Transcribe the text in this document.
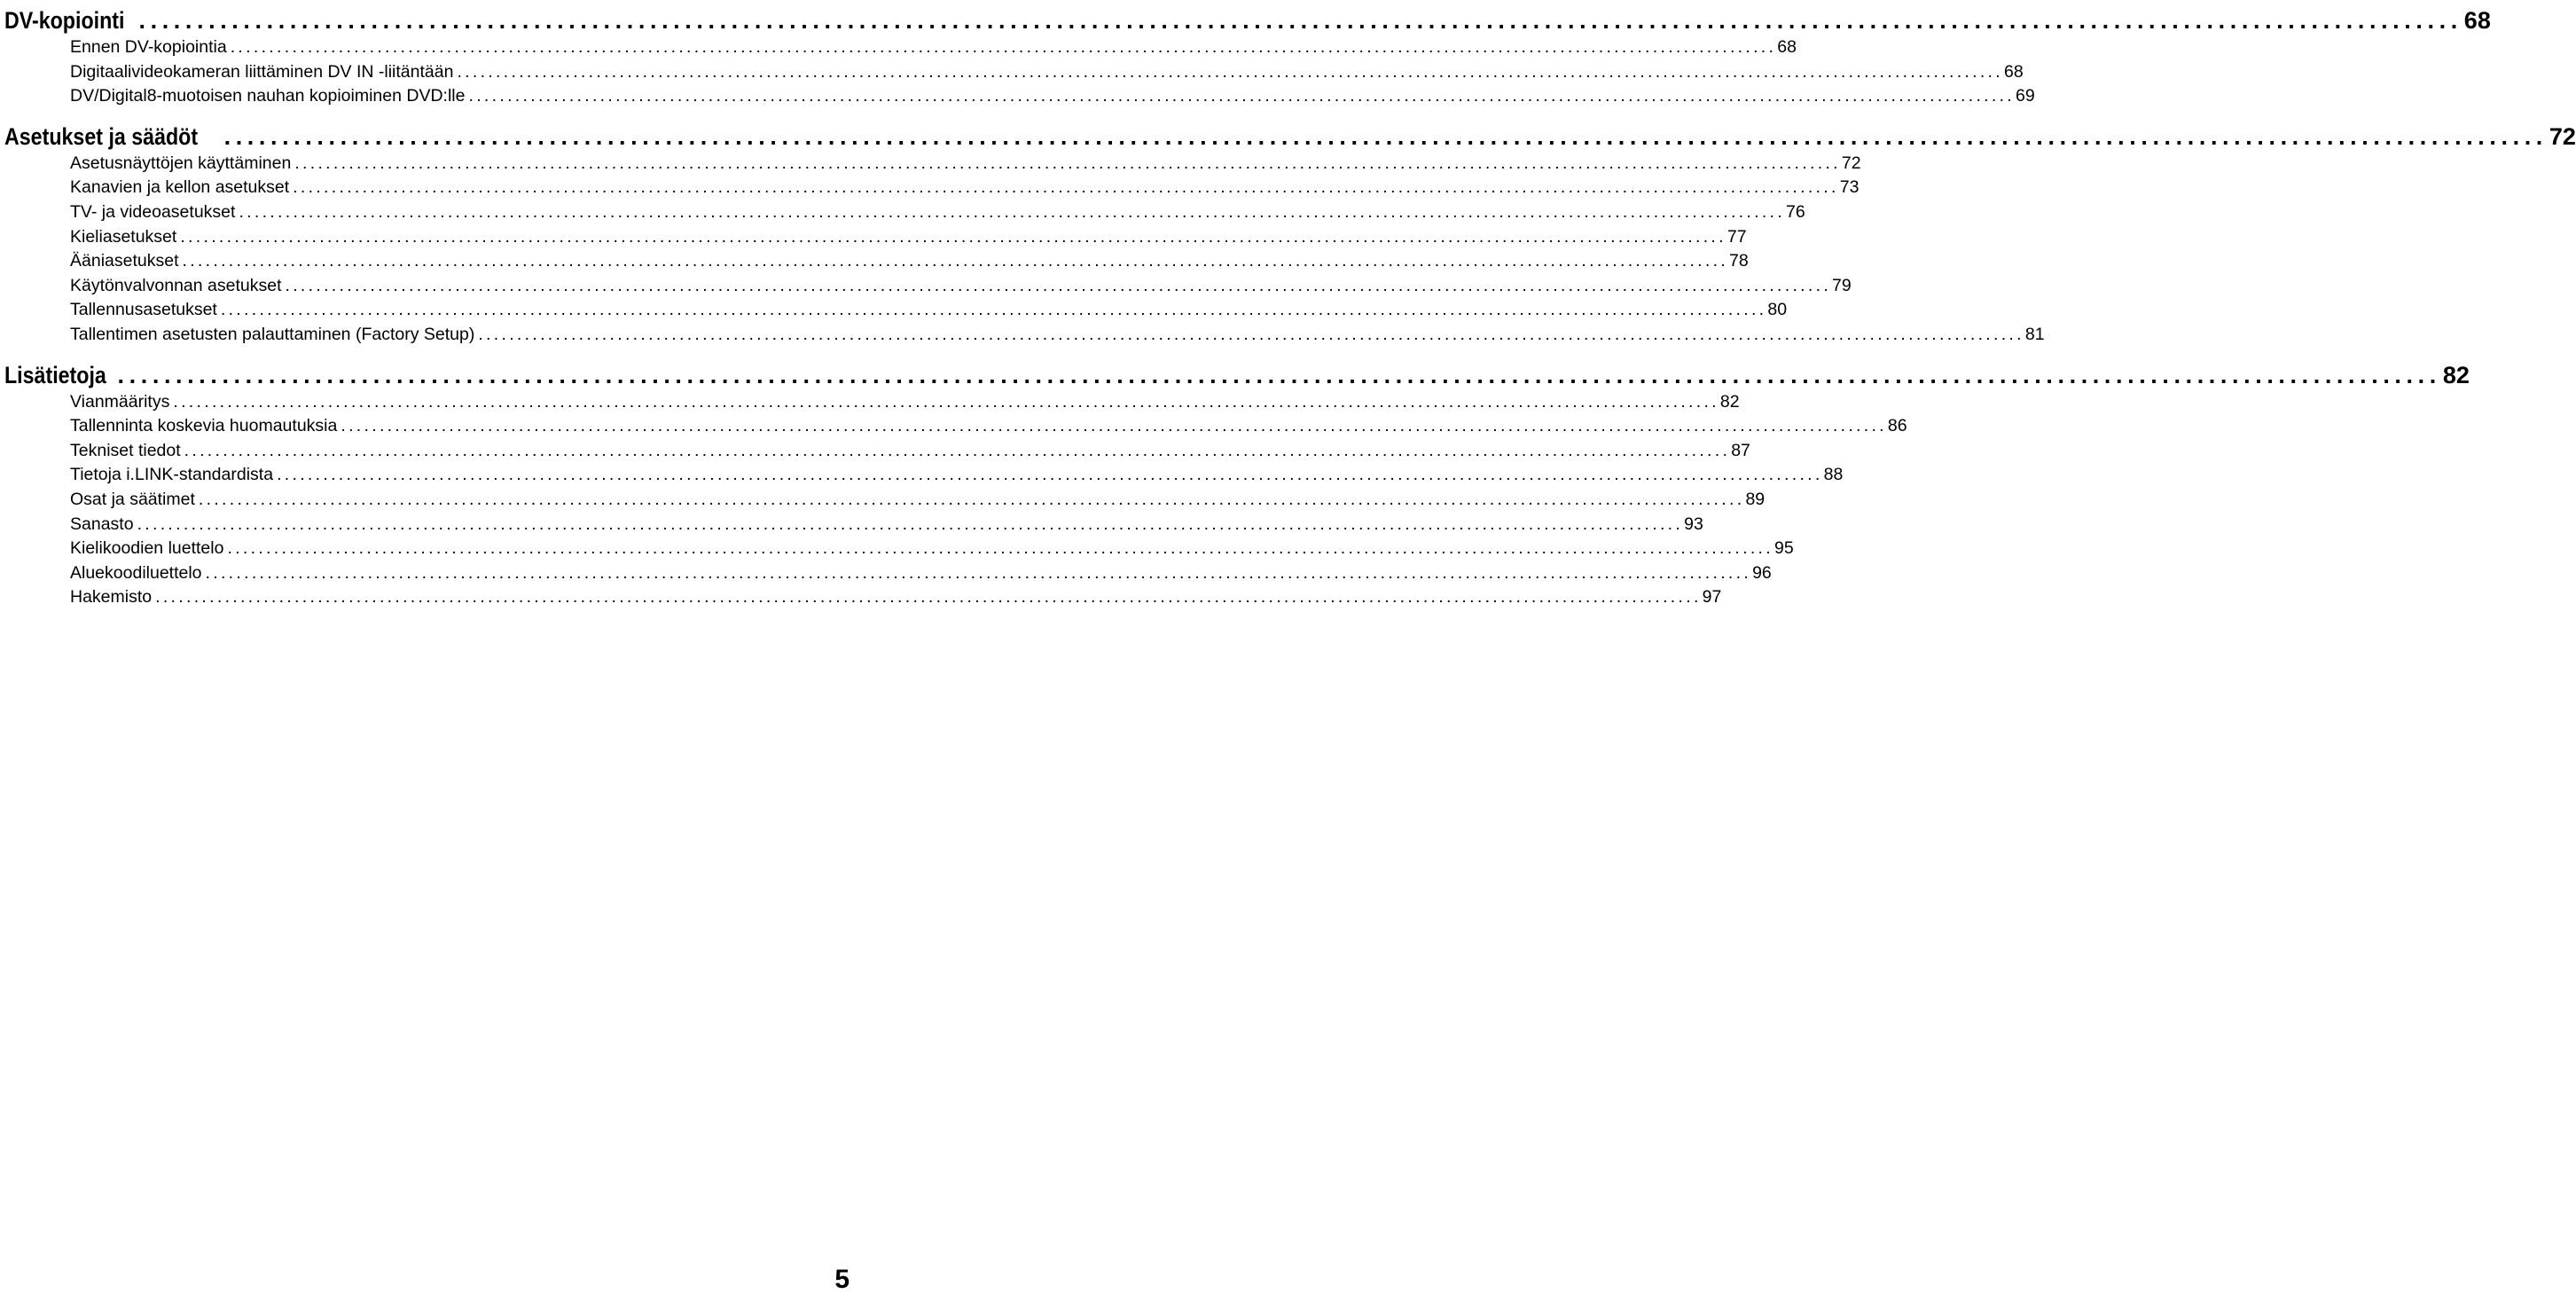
DV-kopiointi ........................................................................................................................................................................................................ 68
Ennen DV-kopiointia ........................................................................................................................................................................................................ 68
Digitaalivideokameran liittäminen DV IN -liitäntään ........................................................................................................................................................................................................ 68
DV/Digital8-muotoisen nauhan kopioiminen DVD:lle ........................................................................................................................................................................................................ 69
Asetukset ja säädöt ........................................................................................................................................................................................................ 72
Asetusnäyttöjen käyttäminen ........................................................................................................................................................................................................ 72
Kanavien ja kellon asetukset ........................................................................................................................................................................................................ 73
TV- ja videoasetukset ........................................................................................................................................................................................................ 76
Kieliasetukset ........................................................................................................................................................................................................ 77
Ääniasetukset ........................................................................................................................................................................................................ 78
Käytönvalvonnan asetukset ........................................................................................................................................................................................................ 79
Tallennusasetukset ........................................................................................................................................................................................................ 80
Tallentimen asetusten palauttaminen (Factory Setup) ........................................................................................................................................................................................................ 81
Lisätietoja ........................................................................................................................................................................................................ 82
Vianmääritys ........................................................................................................................................................................................................ 82
Tallenninta koskevia huomautuksia ........................................................................................................................................................................................................ 86
Tekniset tiedot ........................................................................................................................................................................................................ 87
Tietoja i.LINK-standardista ........................................................................................................................................................................................................ 88
Osat ja säätimet ........................................................................................................................................................................................................ 89
Sanasto ........................................................................................................................................................................................................ 93
Kielikoodien luettelo ........................................................................................................................................................................................................ 95
Aluekoodiluettelo ........................................................................................................................................................................................................ 96
Hakemisto ........................................................................................................................................................................................................ 97
5
